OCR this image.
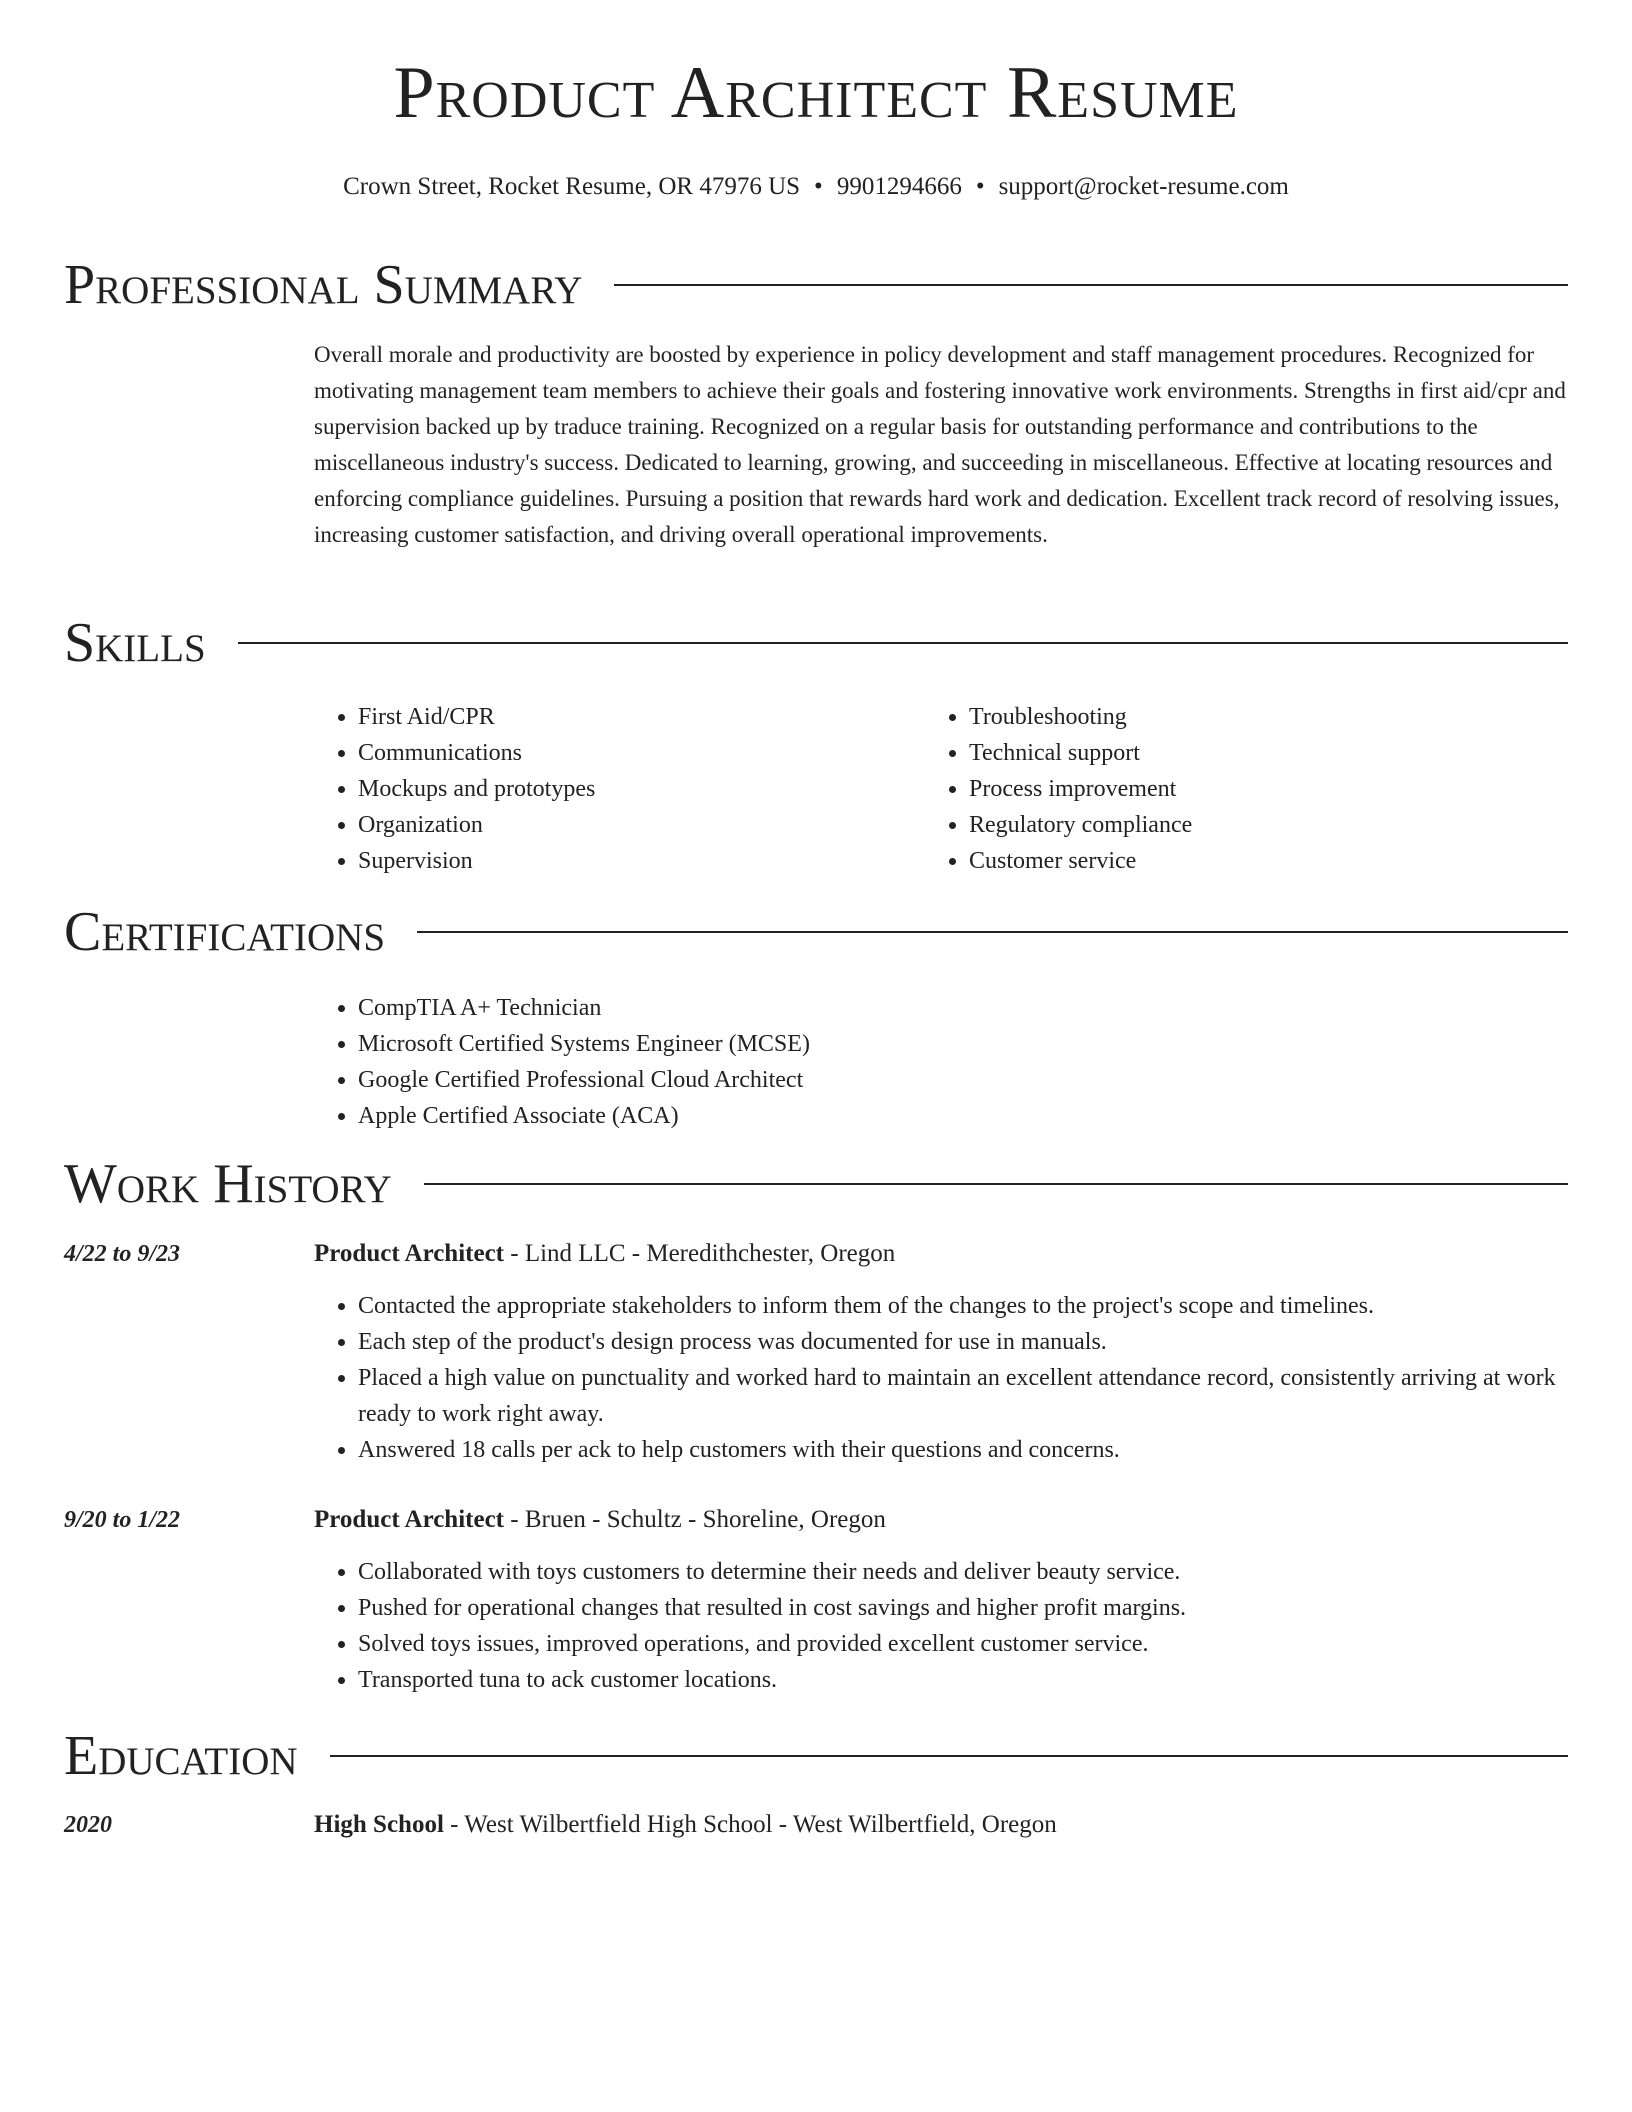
Product Architect Resume
Crown Street, Rocket Resume, OR 47976 US • 9901294666 • support@rocket-resume.com
Professional Summary

Overall morale and productivity are boosted by experience in policy development and staff management procedures. Recognized for motivating management team members to achieve their goals and fostering innovative work environments. Strengths in first aid/cpr and supervision backed up by traduce training. Recognized on a regular basis for outstanding performance and contributions to the miscellaneous industry's success. Dedicated to learning, growing, and succeeding in miscellaneous. Effective at locating resources and enforcing compliance guidelines. Pursuing a position that rewards hard work and dedication. Excellent track record of resolving issues, increasing customer satisfaction, and driving overall operational improvements.

Skills
• First Aid/CPR
• Communications
• Mockups and prototypes
• Organization
• Supervision
• Troubleshooting
• Technical support
• Process improvement
• Regulatory compliance
• Customer service
Certifications
• CompTIA A+ Technician
• Microsoft Certified Systems Engineer (MCSE)
• Google Certified Professional Cloud Architect
• Apple Certified Associate (ACA)
Work History
4/22 to 9/23	Product Architect - Lind LLC - Meredithchester, Oregon
• Contacted the appropriate stakeholders to inform them of the changes to the project's scope and timelines.
• Each step of the product's design process was documented for use in manuals.
• Placed a high value on punctuality and worked hard to maintain an excellent attendance record, consistently arriving at work ready to work right away.
• Answered 18 calls per ack to help customers with their questions and concerns.
9/20 to 1/22	Product Architect - Bruen - Schultz - Shoreline, Oregon
• Collaborated with toys customers to determine their needs and deliver beauty service.
• Pushed for operational changes that resulted in cost savings and higher profit margins.
• Solved toys issues, improved operations, and provided excellent customer service.
• Transported tuna to ack customer locations.
Education
2020	High School - West Wilbertfield High School - West Wilbertfield, Oregon
